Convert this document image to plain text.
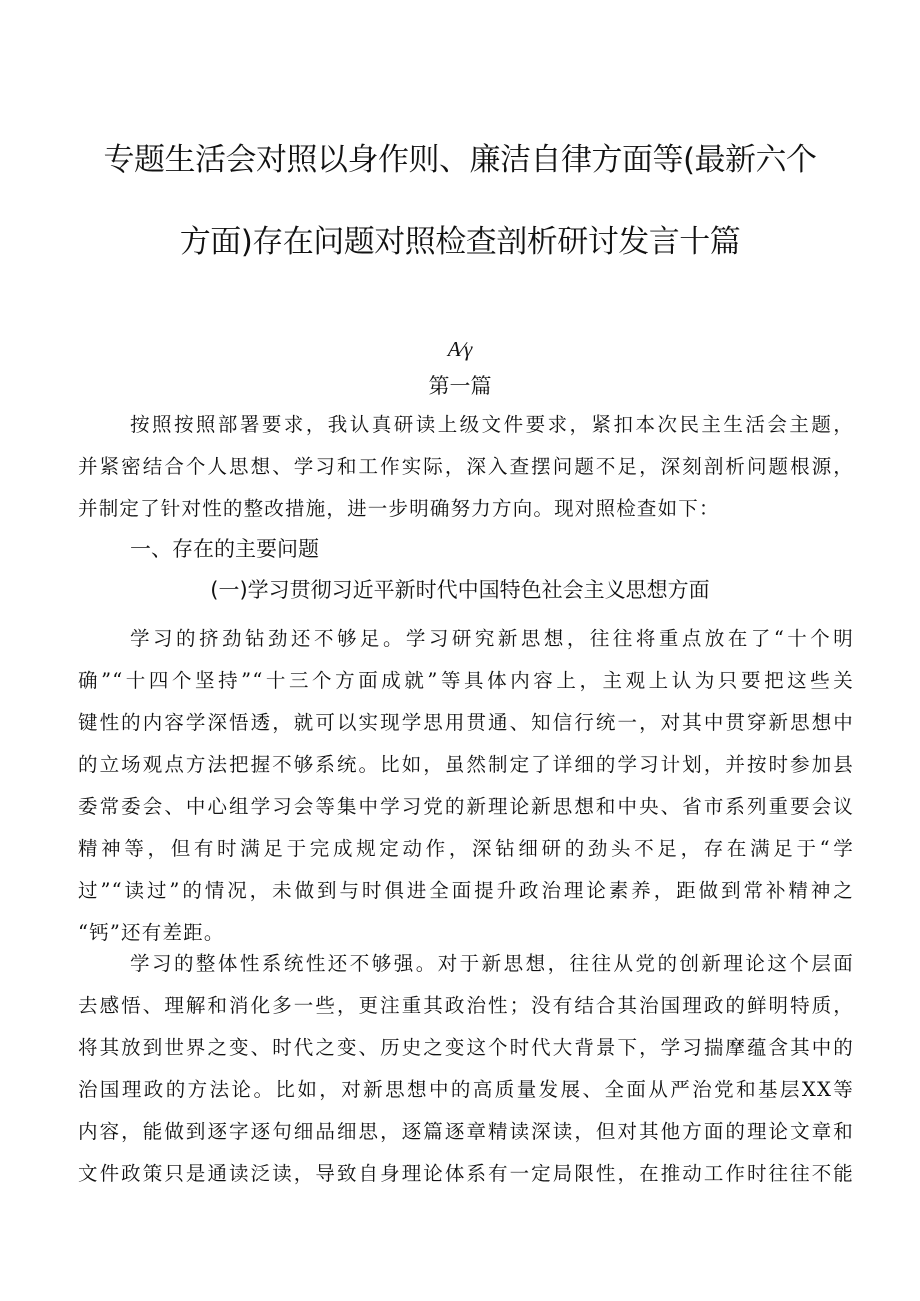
专题生活会对照以身作则、廉洁自律方面等(最新六个
方面)存在问题对照检查剖析研讨发言十篇
A∕γ
第一篇
按照按照部署要求，我认真研读上级文件要求，紧扣本次民主生活会主题，
并紧密结合个人思想、学习和工作实际，深入查摆问题不足，深刻剖析问题根源，
并制定了针对性的整改措施，进一步明确努力方向。现对照检查如下：
一、存在的主要问题
(一)学习贯彻习近平新时代中国特色社会主义思想方面
学习的挤劲钻劲还不够足。学习研究新思想，往往将重点放在了“十个明
确”“十四个坚持”“十三个方面成就”等具体内容上，主观上认为只要把这些关
键性的内容学深悟透，就可以实现学思用贯通、知信行统一，对其中贯穿新思想中
的立场观点方法把握不够系统。比如，虽然制定了详细的学习计划，并按时参加县
委常委会、中心组学习会等集中学习党的新理论新思想和中央、省市系列重要会议
精神等，但有时满足于完成规定动作，深钻细研的劲头不足，存在满足于“学
过”“读过”的情况，未做到与时俱进全面提升政治理论素养，距做到常补精神之
“钙”还有差距。
学习的整体性系统性还不够强。对于新思想，往往从党的创新理论这个层面
去感悟、理解和消化多一些，更注重其政治性；没有结合其治国理政的鲜明特质，
将其放到世界之变、时代之变、历史之变这个时代大背景下，学习揣摩蕴含其中的
治国理政的方法论。比如，对新思想中的高质量发展、全面从严治党和基层XX等
内容，能做到逐字逐句细品细思，逐篇逐章精读深读，但对其他方面的理论文章和
文件政策只是通读泛读，导致自身理论体系有一定局限性，在推动工作时往往不能
